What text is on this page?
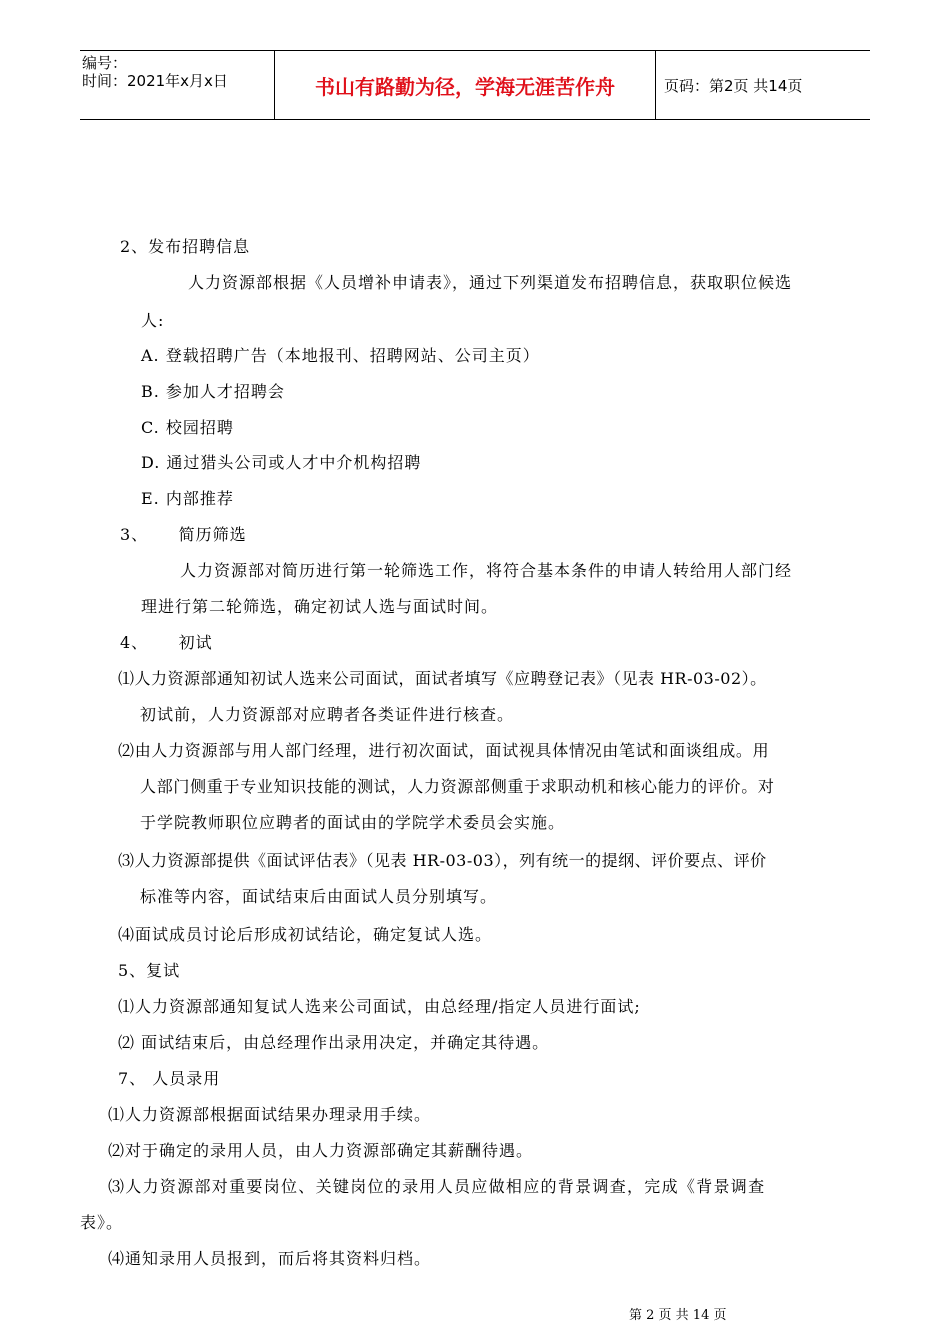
编号：
时间：2021年x月x日	书山有路勤为径，学海无涯苦作舟	页码：第2页 共14页
2、发布招聘信息
人力资源部根据《人员增补申请表》，通过下列渠道发布招聘信息，获取职位候选
人:
A. 登载招聘广告（本地报刊、招聘网站、公司主页）
B. 参加人才招聘会
C. 校园招聘
D. 通过猎头公司或人才中介机构招聘
E. 内部推荐
3、     简历筛选
人力资源部对简历进行第一轮筛选工作，将符合基本条件的申请人转给用人部门经
理进行第二轮筛选，确定初试人选与面试时间。
4、     初试
⑴人力资源部通知初试人选来公司面试，面试者填写《应聘登记表》（见表 HR-03-02）。
初试前，人力资源部对应聘者各类证件进行核查。
⑵由人力资源部与用人部门经理，进行初次面试，面试视具体情况由笔试和面谈组成。用
人部门侧重于专业知识技能的测试，人力资源部侧重于求职动机和核心能力的评价。对
于学院教师职位应聘者的面试由的学院学术委员会实施。
⑶人力资源部提供《面试评估表》（见表 HR-03-03），列有统一的提纲、评价要点、评价
标准等内容，面试结束后由面试人员分别填写。
⑷面试成员讨论后形成初试结论，确定复试人选。
5、复试
⑴人力资源部通知复试人选来公司面试，由总经理/指定人员进行面试;
⑵ 面试结束后，由总经理作出录用决定，并确定其待遇。
7、 人员录用
⑴人力资源部根据面试结果办理录用手续。
⑵对于确定的录用人员，由人力资源部确定其薪酬待遇。
⑶人力资源部对重要岗位、关键岗位的录用人员应做相应的背景调查，完成《背景调查
表》。
⑷通知录用人员报到，而后将其资料归档。
第 2 页 共 14 页
